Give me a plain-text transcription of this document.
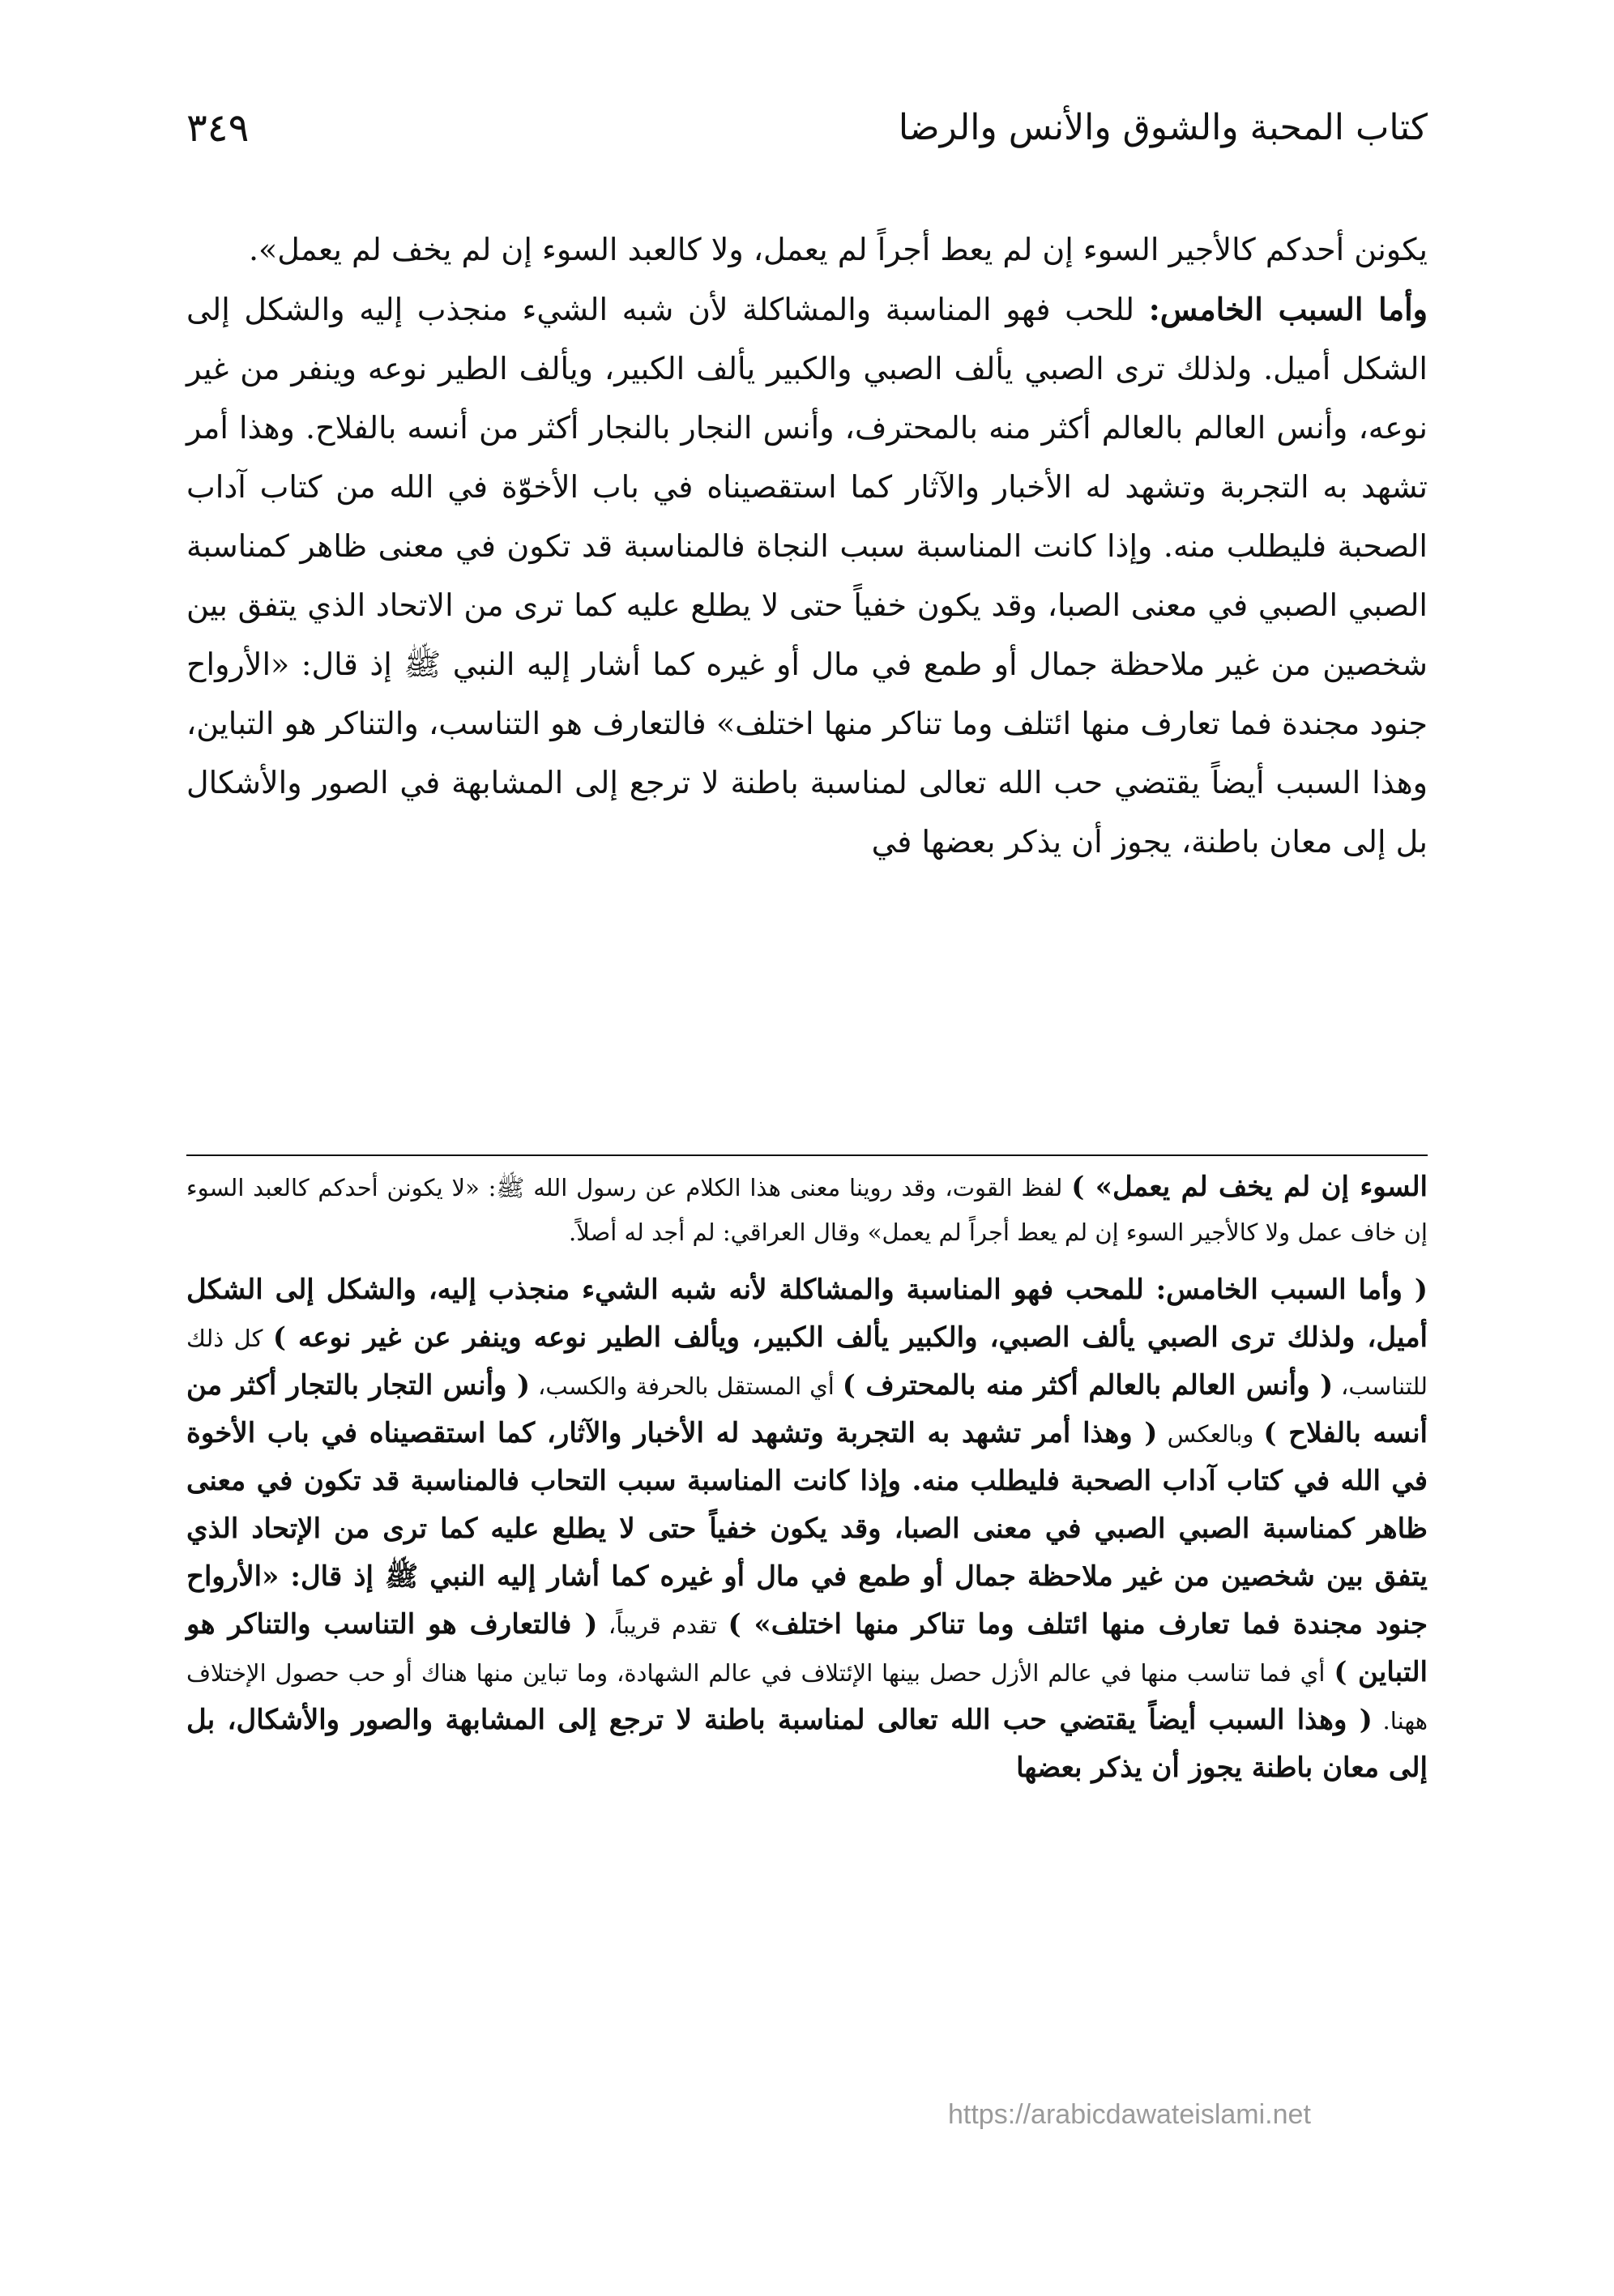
كتاب المحبة والشوق والأنس والرضا
٣٤٩

يكونن أحدكم كالأجير السوء إن لم يعط أجراً لم يعمل، ولا كالعبد السوء إن لم يخف لم يعمل».

وأما السبب الخامس: للحب فهو المناسبة والمشاكلة لأن شبه الشيء منجذب إليه والشكل إلى الشكل أميل. ولذلك ترى الصبي يألف الصبي والكبير يألف الكبير، ويألف الطير نوعه وينفر من غير نوعه، وأنس العالم بالعالم أكثر منه بالمحترف، وأنس النجار بالنجار أكثر من أنسه بالفلاح. وهذا أمر تشهد به التجربة وتشهد له الأخبار والآثار كما استقصيناه في باب الأخوّة في الله من كتاب آداب الصحبة فليطلب منه. وإذا كانت المناسبة سبب النجاة فالمناسبة قد تكون في معنى ظاهر كمناسبة الصبي الصبي في معنى الصبا، وقد يكون خفياً حتى لا يطلع عليه كما ترى من الاتحاد الذي يتفق بين شخصين من غير ملاحظة جمال أو طمع في مال أو غيره كما أشار إليه النبي ﷺ إذ قال: «الأرواح جنود مجندة فما تعارف منها ائتلف وما تناكر منها اختلف» فالتعارف هو التناسب، والتناكر هو التباين، وهذا السبب أيضاً يقتضي حب الله تعالى لمناسبة باطنة لا ترجع إلى المشابهة في الصور والأشكال بل إلى معان باطنة، يجوز أن يذكر بعضها في

السوء إن لم يخف لم يعمل» ) لفظ القوت، وقد روينا معنى هذا الكلام عن رسول الله ﷺ: «لا يكونن أحدكم كالعبد السوء إن خاف عمل ولا كالأجير السوء إن لم يعط أجراً لم يعمل» وقال العراقي: لم أجد له أصلاً.

( وأما السبب الخامس: للمحب فهو المناسبة والمشاكلة لأنه شبه الشيء منجذب إليه، والشكل إلى الشكل أميل، ولذلك ترى الصبي يألف الصبي، والكبير يألف الكبير، ويألف الطير نوعه وينفر عن غير نوعه ) كل ذلك للتناسب، ( وأنس العالم بالعالم أكثر منه بالمحترف ) أي المستقل بالحرفة والكسب، ( وأنس التجار بالتجار أكثر من أنسه بالفلاح ) وبالعكس ( وهذا أمر تشهد به التجربة وتشهد له الأخبار والآثار، كما استقصيناه في باب الأخوة في الله في كتاب آداب الصحبة فليطلب منه. وإذا كانت المناسبة سبب التحاب فالمناسبة قد تكون في معنى ظاهر كمناسبة الصبي الصبي في معنى الصبا، وقد يكون خفياً حتى لا يطلع عليه كما ترى من الإتحاد الذي يتفق بين شخصين من غير ملاحظة جمال أو طمع في مال أو غيره كما أشار إليه النبي ﷺ إذ قال: «الأرواح جنود مجندة فما تعارف منها ائتلف وما تناكر منها اختلف» ) تقدم قريباً، ( فالتعارف هو التناسب والتناكر هو التباين ) أي فما تناسب منها في عالم الأزل حصل بينها الإئتلاف في عالم الشهادة، وما تباين منها هناك أو حب حصول الإختلاف ههنا. ( وهذا السبب أيضاً يقتضي حب الله تعالى لمناسبة باطنة لا ترجع إلى المشابهة والصور والأشكال، بل إلى معان باطنة يجوز أن يذكر بعضها

https://arabicdawateislami.net
